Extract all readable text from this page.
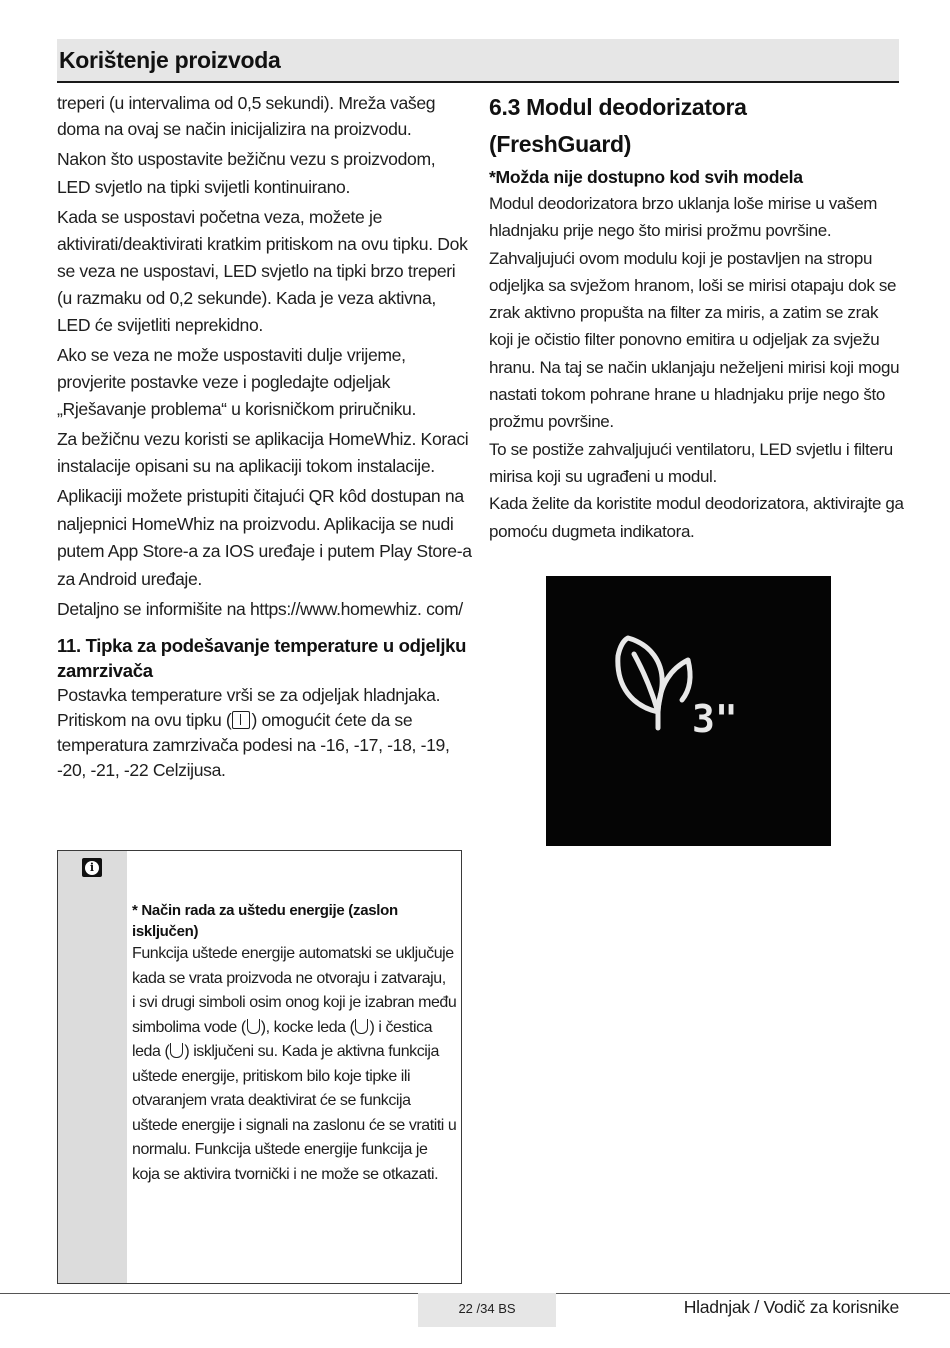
Korištenje proizvoda

treperi (u intervalima od 0,5 sekundi). Mreža vašeg doma na ovaj se način inicijalizira na proizvodu.

Nakon što uspostavite bežičnu vezu s proizvodom, LED svjetlo na tipki svijetli kontinuirano.

Kada se uspostavi početna veza, možete je aktivirati/deaktivirati kratkim pritiskom na ovu tipku. Dok se veza ne uspostavi, LED svjetlo na tipki brzo treperi (u razmaku od 0,2 sekunde). Kada je veza aktivna, LED će svijetliti neprekidno.

Ako se veza ne može uspostaviti dulje vrijeme, provjerite postavke veze i pogledajte odjeljak „Rješavanje problema“ u korisničkom priručniku.

Za bežičnu vezu koristi se aplikacija HomeWhiz. Koraci instalacije opisani su na aplikaciji tokom instalacije.

Aplikaciji možete pristupiti čitajući QR kôd dostupan na naljepnici HomeWhiz na proizvodu. Aplikacija se nudi putem App Store-a za IOS uređaje i putem Play Store-a za Android uređaje.

Detaljno se informišite na https://www.homewhiz. com/

11. Tipka za podešavanje temperature u odjeljku zamrzivača
Postavka temperature vrši se za odjeljak hladnjaka. Pritiskom na ovu tipku ( ) omogućit ćete da se temperatura zamrzivača podesi na -16, -17, -18, -19, -20, -21, -22 Celzijusa.
i
* Način rada za uštedu energije (zaslon isključen)

Funkcija uštede energije automatski se uključuje kada se vrata proizvoda ne otvoraju i zatvaraju,

i svi drugi simboli osim onog koji je izabran među simbolima vode ( ), kocke leda ( ) i čestica leda ( ) isključeni su. Kada je aktivna funkcija uštede energije, pritiskom bilo koje tipke ili otvaranjem vrata deaktivirat će se funkcija uštede energije i signali na zaslonu će se vratiti u normalu. Funkcija uštede energije funkcija je koja se aktivira tvornički i ne može se otkazati.

6.3 Modul deodorizatora
(FreshGuard)
*Možda nije dostupno kod svih modela

Modul deodorizatora brzo uklanja loše mirise u vašem hladnjaku prije nego što mirisi prožmu površine.

Zahvaljujući ovom modulu koji je postavljen na stropu odjeljka sa svježom hranom, loši se mirisi otapaju dok se zrak aktivno propušta na filter za miris, a zatim se zrak koji je očistio filter ponovno emitira u odjeljak za svježu hranu. Na taj se način uklanjaju neželjeni mirisi koji mogu nastati tokom pohrane hrane u hladnjaku prije nego što prožmu površine.

To se postiže zahvaljujući ventilatoru, LED svjetlu i filteru mirisa koji su ugrađeni u modul.

Kada želite da koristite modul deodorizatora, aktivirajte ga pomoću dugmeta indikatora.

3"
22 /34 BS	Hladnjak / Vodič za korisnike
